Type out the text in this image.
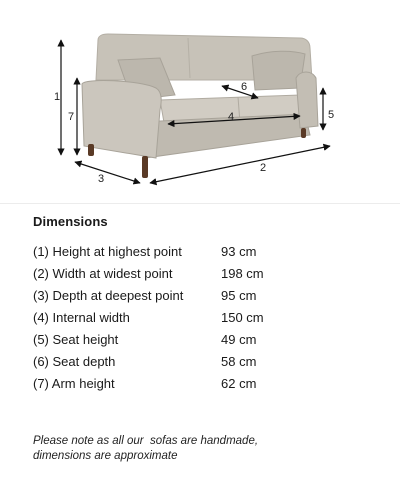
1
7	5
6
4
3
2
Dimensions
(1) Height at highest point	93 cm
(2) Width at widest point	198 cm
(3) Depth at deepest point	95 cm
(4) Internal width	150 cm
(5) Seat height	49 cm
(6) Seat depth	58 cm
(7) Arm height	62 cm
Please note as all our  sofas are handmade,
dimensions are approximate
